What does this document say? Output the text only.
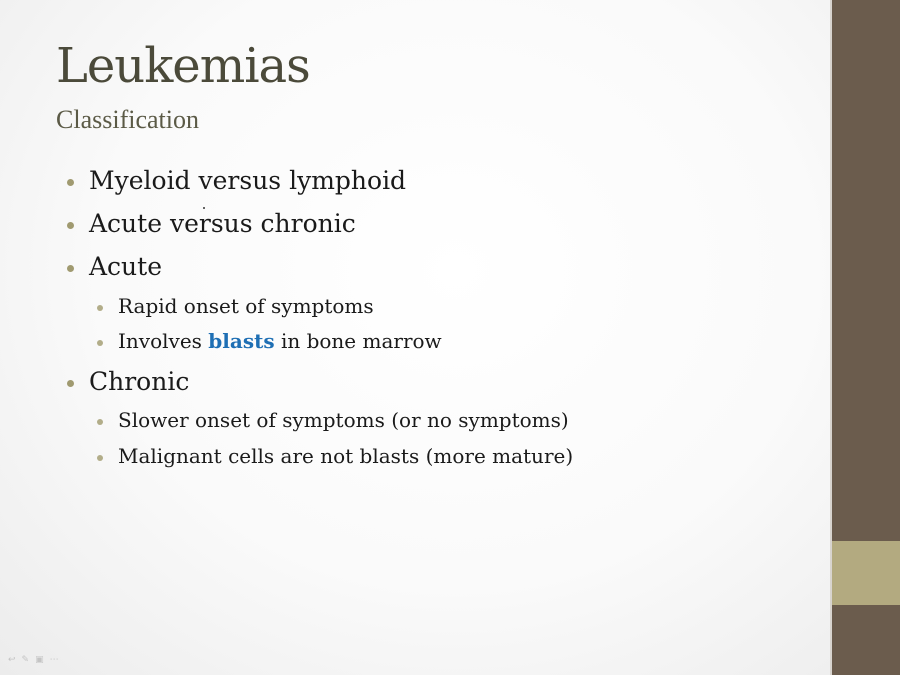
Leukemias
Classification
Myeloid versus lymphoid
Acute versus chronic
Acute
Rapid onset of symptoms
Involves blasts in bone marrow
Chronic
Slower onset of symptoms (or no symptoms)
Malignant cells are not blasts (more mature)
↩ ✎ ▣ ⋯
